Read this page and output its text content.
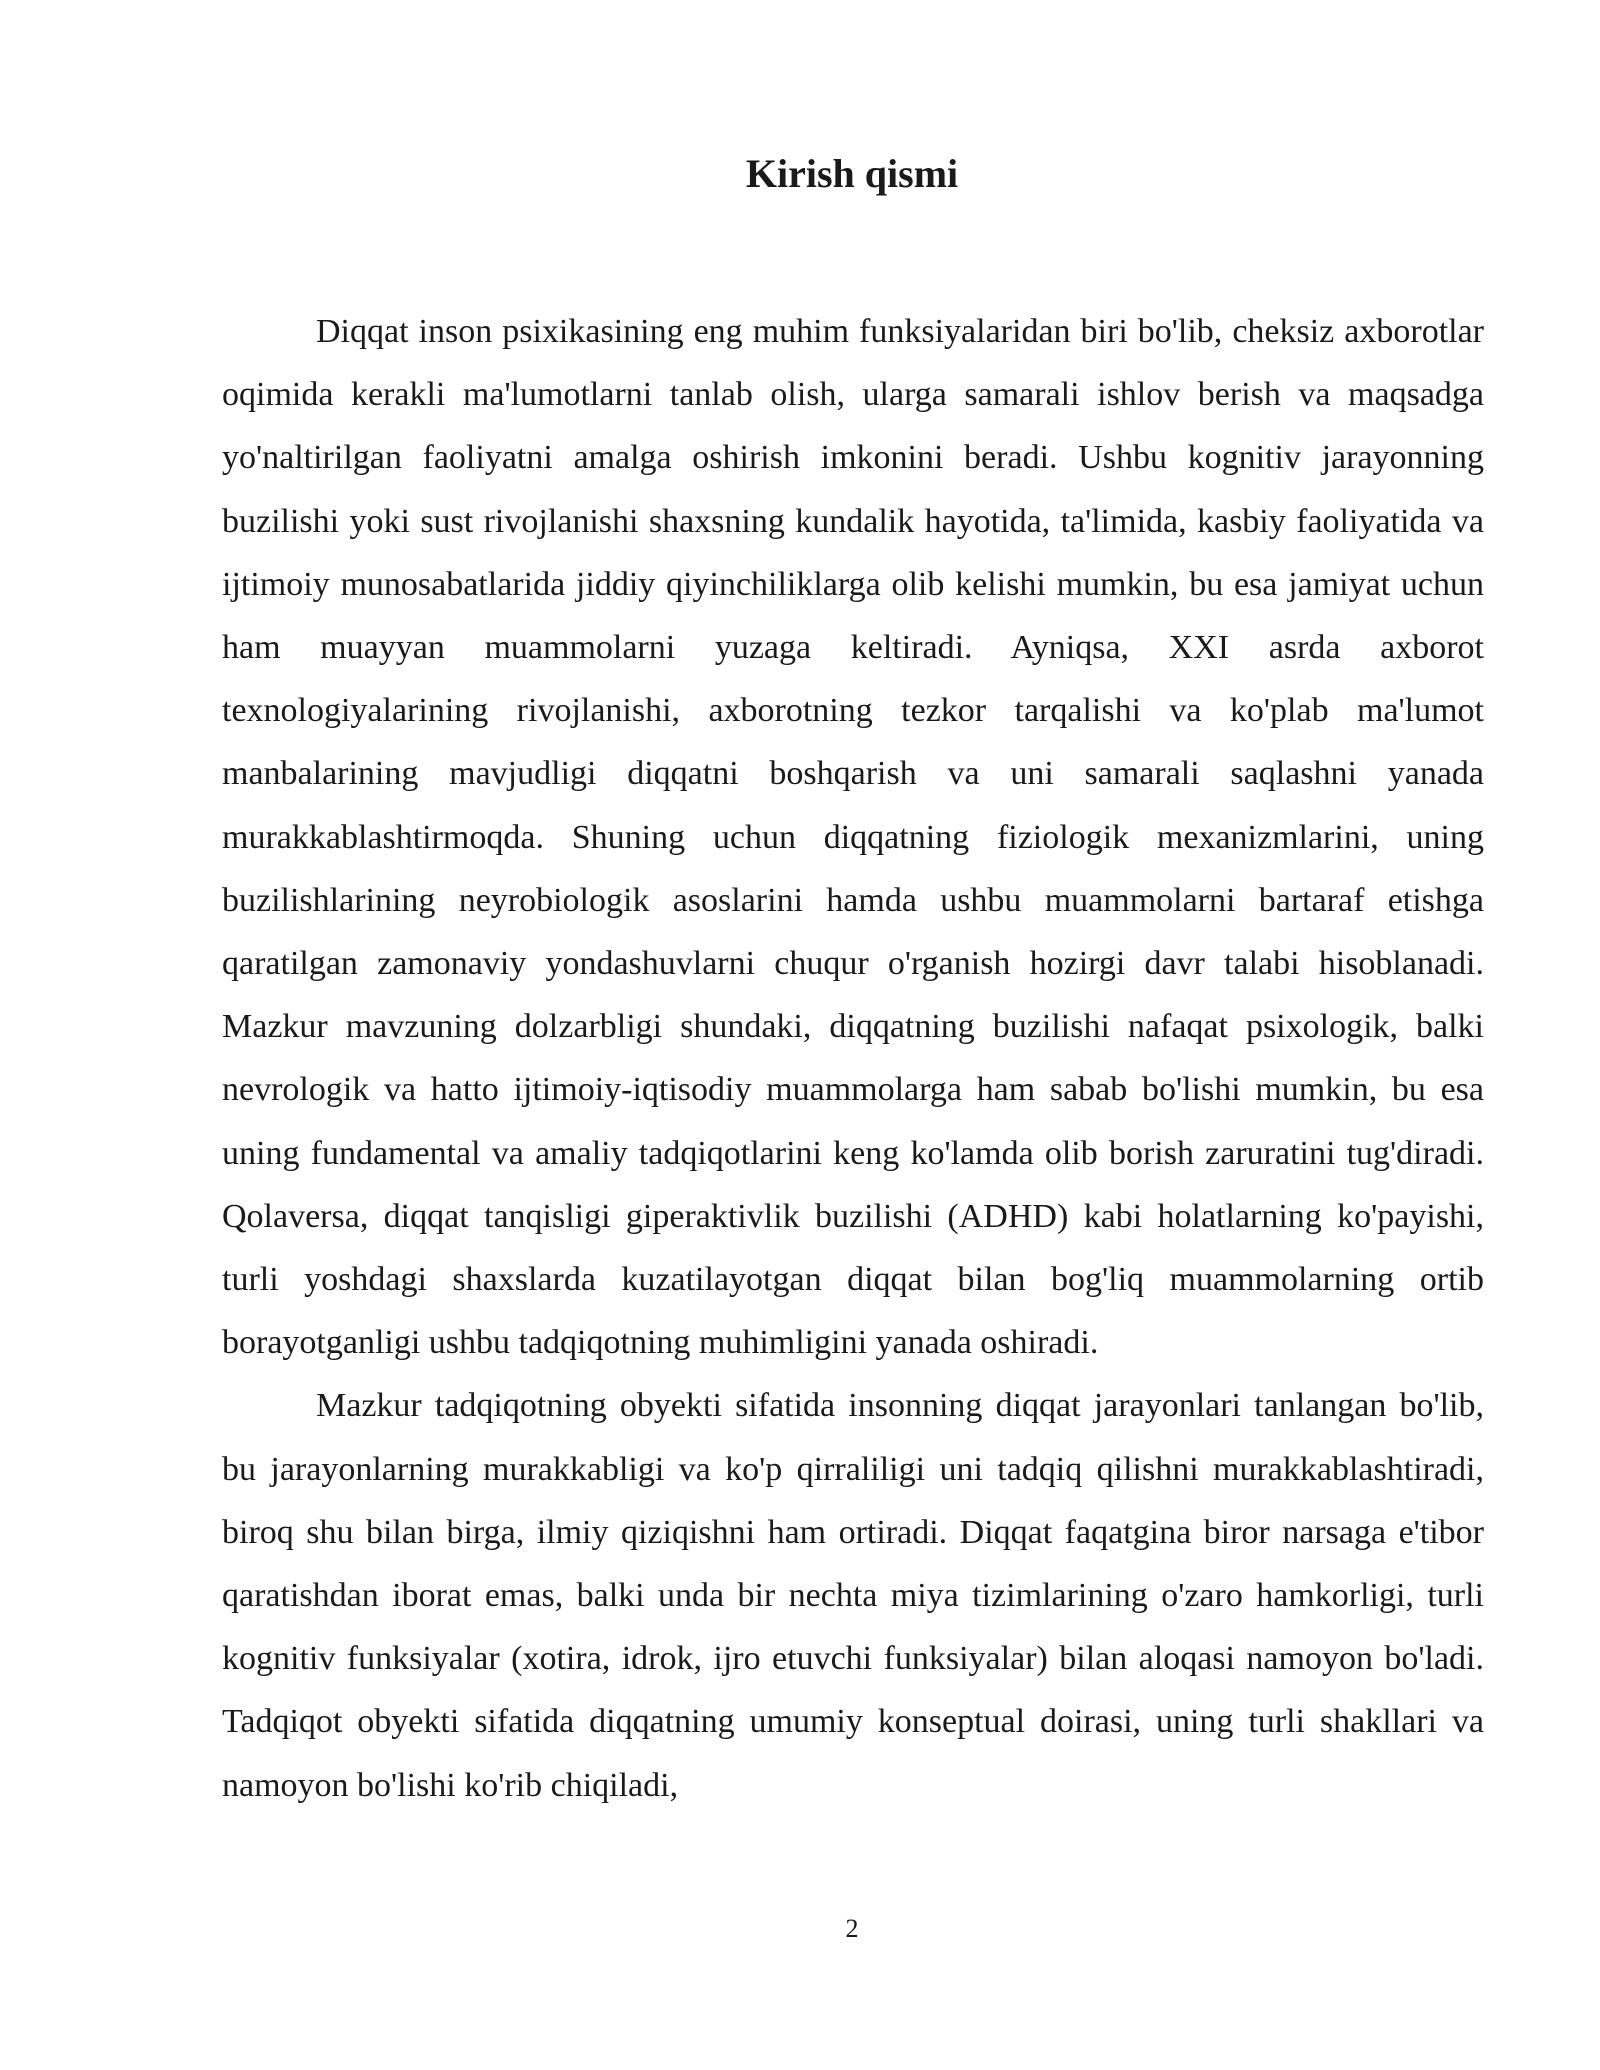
Kirish qismi

Diqqat inson psixikasining eng muhim funksiyalaridan biri bo'lib, cheksiz axborotlar oqimida kerakli ma'lumotlarni tanlab olish, ularga samarali ishlov berish va maqsadga yo'naltirilgan faoliyatni amalga oshirish imkonini beradi. Ushbu kognitiv jarayonning buzilishi yoki sust rivojlanishi shaxsning kundalik hayotida, ta'limida, kasbiy faoliyatida va ijtimoiy munosabatlarida jiddiy qiyinchiliklarga olib kelishi mumkin, bu esa jamiyat uchun ham muayyan muammolarni yuzaga keltiradi. Ayniqsa, XXI asrda axborot texnologiyalarining rivojlanishi, axborotning tezkor tarqalishi va ko'plab ma'lumot manbalarining mavjudligi diqqatni boshqarish va uni samarali saqlashni yanada murakkablashtirmoqda. Shuning uchun diqqatning fiziologik mexanizmlarini, uning buzilishlarining neyrobiologik asoslarini hamda ushbu muammolarni bartaraf etishga qaratilgan zamonaviy yondashuvlarni chuqur o'rganish hozirgi davr talabi hisoblanadi. Mazkur mavzuning dolzarbligi shundaki, diqqatning buzilishi nafaqat psixologik, balki nevrologik va hatto ijtimoiy-iqtisodiy muammolarga ham sabab bo'lishi mumkin, bu esa uning fundamental va amaliy tadqiqotlarini keng ko'lamda olib borish zaruratini tug'diradi. Qolaversa, diqqat tanqisligi giperaktivlik buzilishi (ADHD) kabi holatlarning ko'payishi, turli yoshdagi shaxslarda kuzatilayotgan diqqat bilan bog'liq muammolarning ortib borayotganligi ushbu tadqiqotning muhimligini yanada oshiradi.

Mazkur tadqiqotning obyekti sifatida insonning diqqat jarayonlari tanlangan bo'lib, bu jarayonlarning murakkabligi va ko'p qirraliligi uni tadqiq qilishni murakkablashtiradi, biroq shu bilan birga, ilmiy qiziqishni ham ortiradi. Diqqat faqatgina biror narsaga e'tibor qaratishdan iborat emas, balki unda bir nechta miya tizimlarining o'zaro hamkorligi, turli kognitiv funksiyalar (xotira, idrok, ijro etuvchi funksiyalar) bilan aloqasi namoyon bo'ladi. Tadqiqot obyekti sifatida diqqatning umumiy konseptual doirasi, uning turli shakllari va namoyon bo'lishi ko'rib chiqiladi,

2
